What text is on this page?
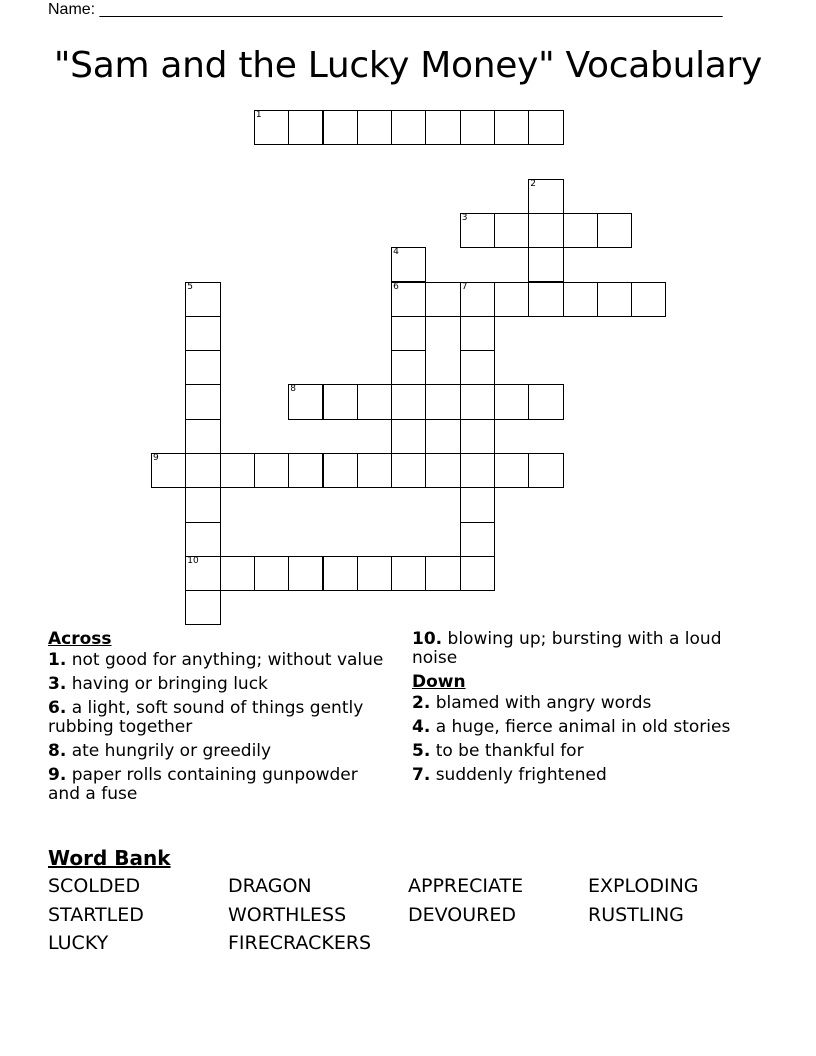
Name: ______________________________________________________________________
"Sam and the Lucky Money" Vocabulary
1
2
3
4
6
5
10
7
8
9
Across
1. not good for anything; without value
3. having or bringing luck
6. a light, soft sound of things gently rubbing together
8. ate hungrily or greedily
9. paper rolls containing gunpowder and a fuse
10. blowing up; bursting with a loud noise
Down
2. blamed with angry words
4. a huge, fierce animal in old stories
5. to be thankful for
7. suddenly frightened
Word Bank
SCOLDED	DRAGON	APPRECIATE	EXPLODING
STARTLED	WORTHLESS	DEVOURED	RUSTLING
LUCKY	FIRECRACKERS
